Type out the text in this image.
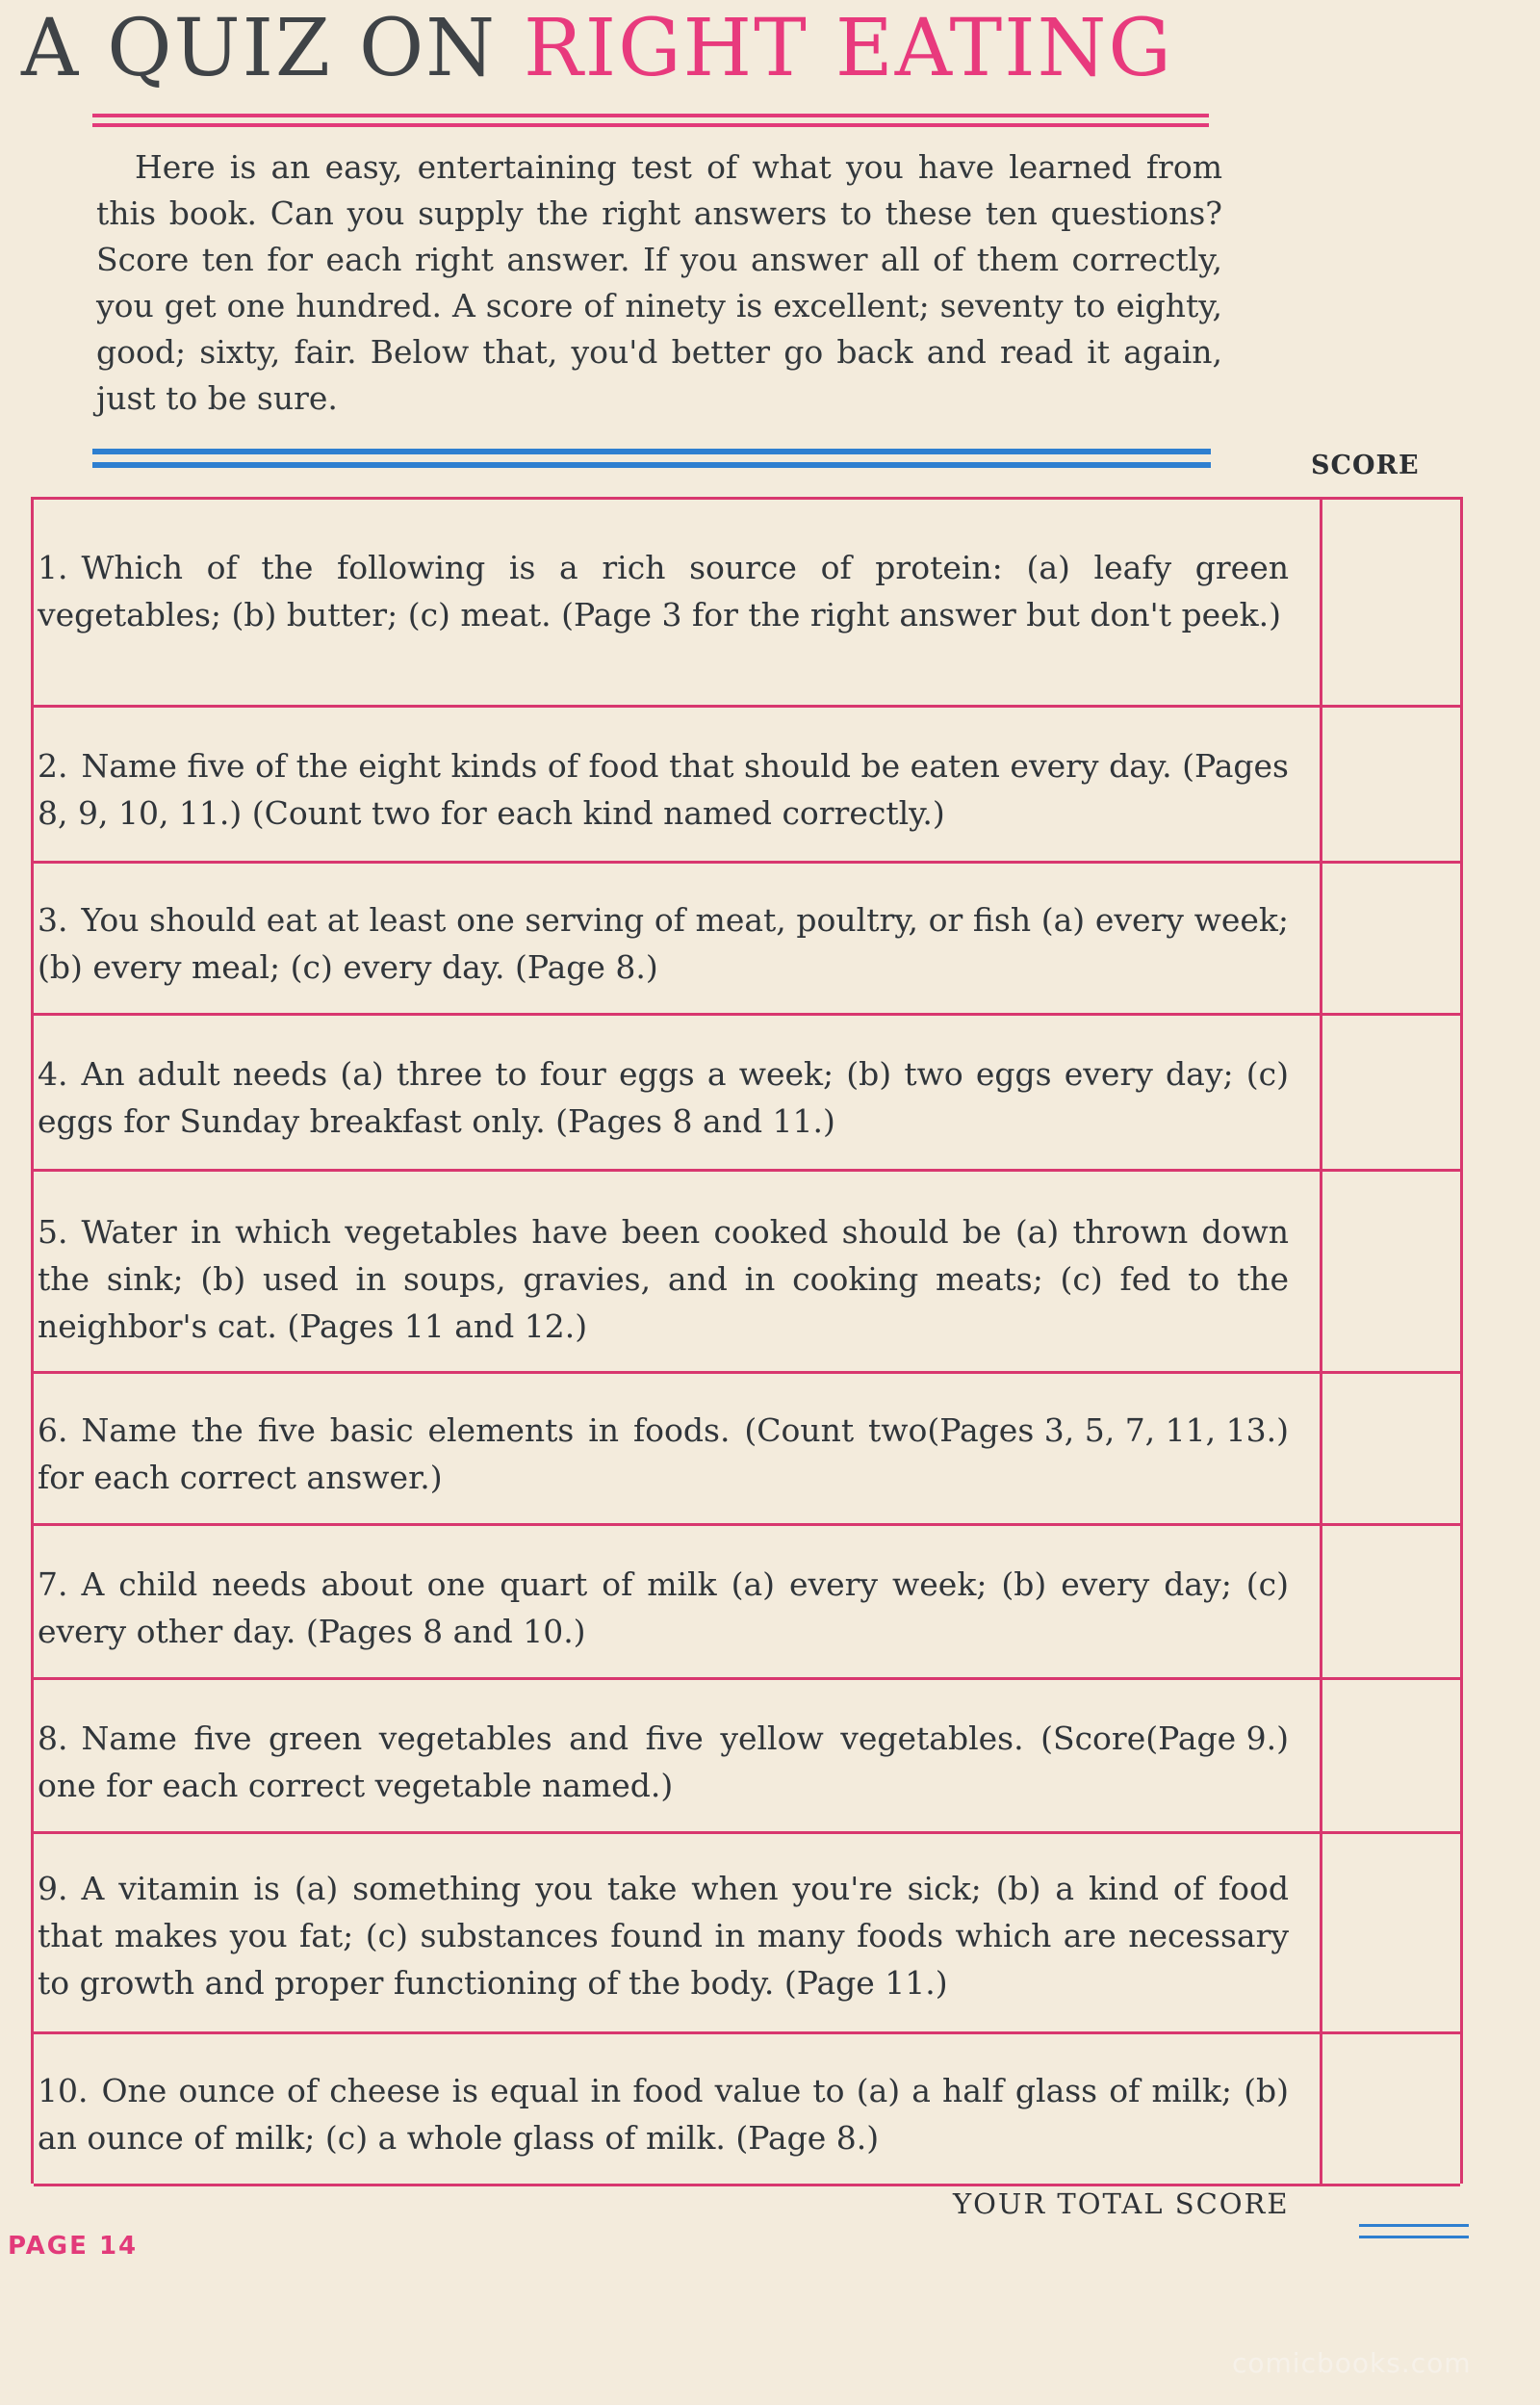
A QUIZ ON RIGHT EATING
Here is an easy, entertaining test of what you have learned from this book. Can you supply the right answers to these ten questions? Score ten for each right answer. If you answer all of them correctly, you get one hundred. A score of ninety is excellent; seventy to eighty, good; sixty, fair. Below that, you'd better go back and read it again, just to be sure.
SCORE
1. Which of the following is a rich source of protein: (a) leafy green vegetables; (b) butter; (c) meat. (Page 3 for the right answer but don't peek.)
2. Name five of the eight kinds of food that should be eaten every day. (Pages 8, 9, 10, 11.) (Count two for each kind named correctly.)
3. You should eat at least one serving of meat, poultry, or fish (a) every week; (b) every meal; (c) every day. (Page 8.)
4. An adult needs (a) three to four eggs a week; (b) two eggs every day; (c) eggs for Sunday breakfast only. (Pages 8 and 11.)
5. Water in which vegetables have been cooked should be (a) thrown down the sink; (b) used in soups, gravies, and in cooking meats; (c) fed to the neighbor's cat. (Pages 11 and 12.)
(Pages 3, 5, 7, 11, 13.)
6. Name the five basic elements in foods. (Count two for each correct answer.)
7. A child needs about one quart of milk (a) every week; (b) every day; (c) every other day. (Pages 8 and 10.)
(Page 9.)
8. Name five green vegetables and five yellow vegetables. (Score one for each correct vegetable named.)
9. A vitamin is (a) something you take when you're sick; (b) a kind of food that makes you fat; (c) substances found in many foods which are necessary to growth and proper functioning of the body. (Page 11.)
10. One ounce of cheese is equal in food value to (a) a half glass of milk; (b) an ounce of milk; (c) a whole glass of milk. (Page 8.)
YOUR TOTAL SCORE
PAGE 14
comicbooks.com
